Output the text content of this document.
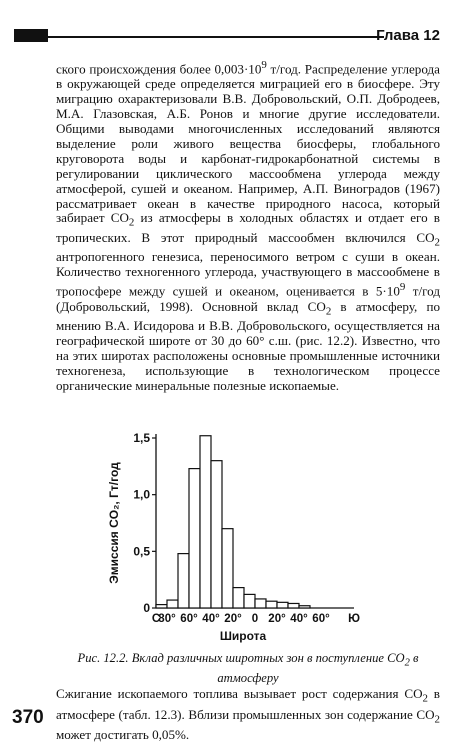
Глава 12
ского происхождения более $0,003\cdot 10^9$ т/год. Распределение углерода в окружающей среде определяется миграцией его в биосфере. Эту миграцию охарактеризовали В.В. Добровольский, О.П. Добродеев, М.А. Глазовская, А.Б. Ронов и многие другие исследователи. Общими выводами многочисленных исследований являются выделение роли живого вещества биосферы, глобального круговорота воды и карбонат-гидрокарбонатной системы в регулировании циклического массообмена углерода между атмосферой, сушей и океаном. Например, А.П. Виноградов (1967) рассматривает океан в качестве природного насоса, который забирает $CO_2$ из атмосферы в холодных областях и отдает его в тропических. В этот природный массообмен включился $CO_2$ антропогенного генезиса, переносимого ветром с суши в океан. Количество техногенного углерода, участвующего в массообмене в тропосфере между сушей и океаном, оценивается в $5\cdot 10^9$ т/год (Добровольский, 1998). Основной вклад $CO_2$ в атмосферу, по мнению В.А. Исидорова и В.В. Добровольского, осуществляется на географической широте от 30 до 60° с.ш. (рис. 12.2). Известно, что на этих широтах расположены основные промышленные источники техногенеза, использующие в технологическом процессе органические минеральные полезные ископаемые.
0
0,5
1,0
1,5
С
80° 60° 40° 20° 0 20° 40° 60° Ю
Эмиссия CO₂, Гт/год
Широта
Рис. 12.2. Вклад различных широтных зон в поступление $CO_2$ в атмосферу
370
Сжигание ископаемого топлива вызывает рост содержания $CO_2$ в атмосфере (табл. 12.3). Вблизи промышленных зон содержание $CO_2$ может достигать 0,05%.
